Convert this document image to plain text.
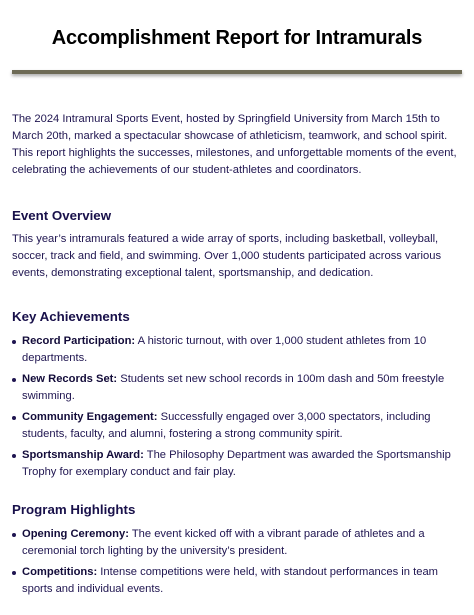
Accomplishment Report for Intramurals

The 2024 Intramural Sports Event, hosted by Springfield University from March 15th to March 20th, marked a spectacular showcase of athleticism, teamwork, and school spirit. This report highlights the successes, milestones, and unforgettable moments of the event, celebrating the achievements of our student-athletes and coordinators.

Event Overview

This year’s intramurals featured a wide array of sports, including basketball, volleyball, soccer, track and field, and swimming. Over 1,000 students participated across various events, demonstrating exceptional talent, sportsmanship, and dedication.

Key Achievements
Record Participation: A historic turnout, with over 1,000 student athletes from 10 departments.
New Records Set: Students set new school records in 100m dash and 50m freestyle swimming.
Community Engagement: Successfully engaged over 3,000 spectators, including students, faculty, and alumni, fostering a strong community spirit.
Sportsmanship Award: The Philosophy Department was awarded the Sportsmanship Trophy for exemplary conduct and fair play.
Program Highlights
Opening Ceremony: The event kicked off with a vibrant parade of athletes and a ceremonial torch lighting by the university’s president.
Competitions: Intense competitions were held, with standout performances in team sports and individual events.
